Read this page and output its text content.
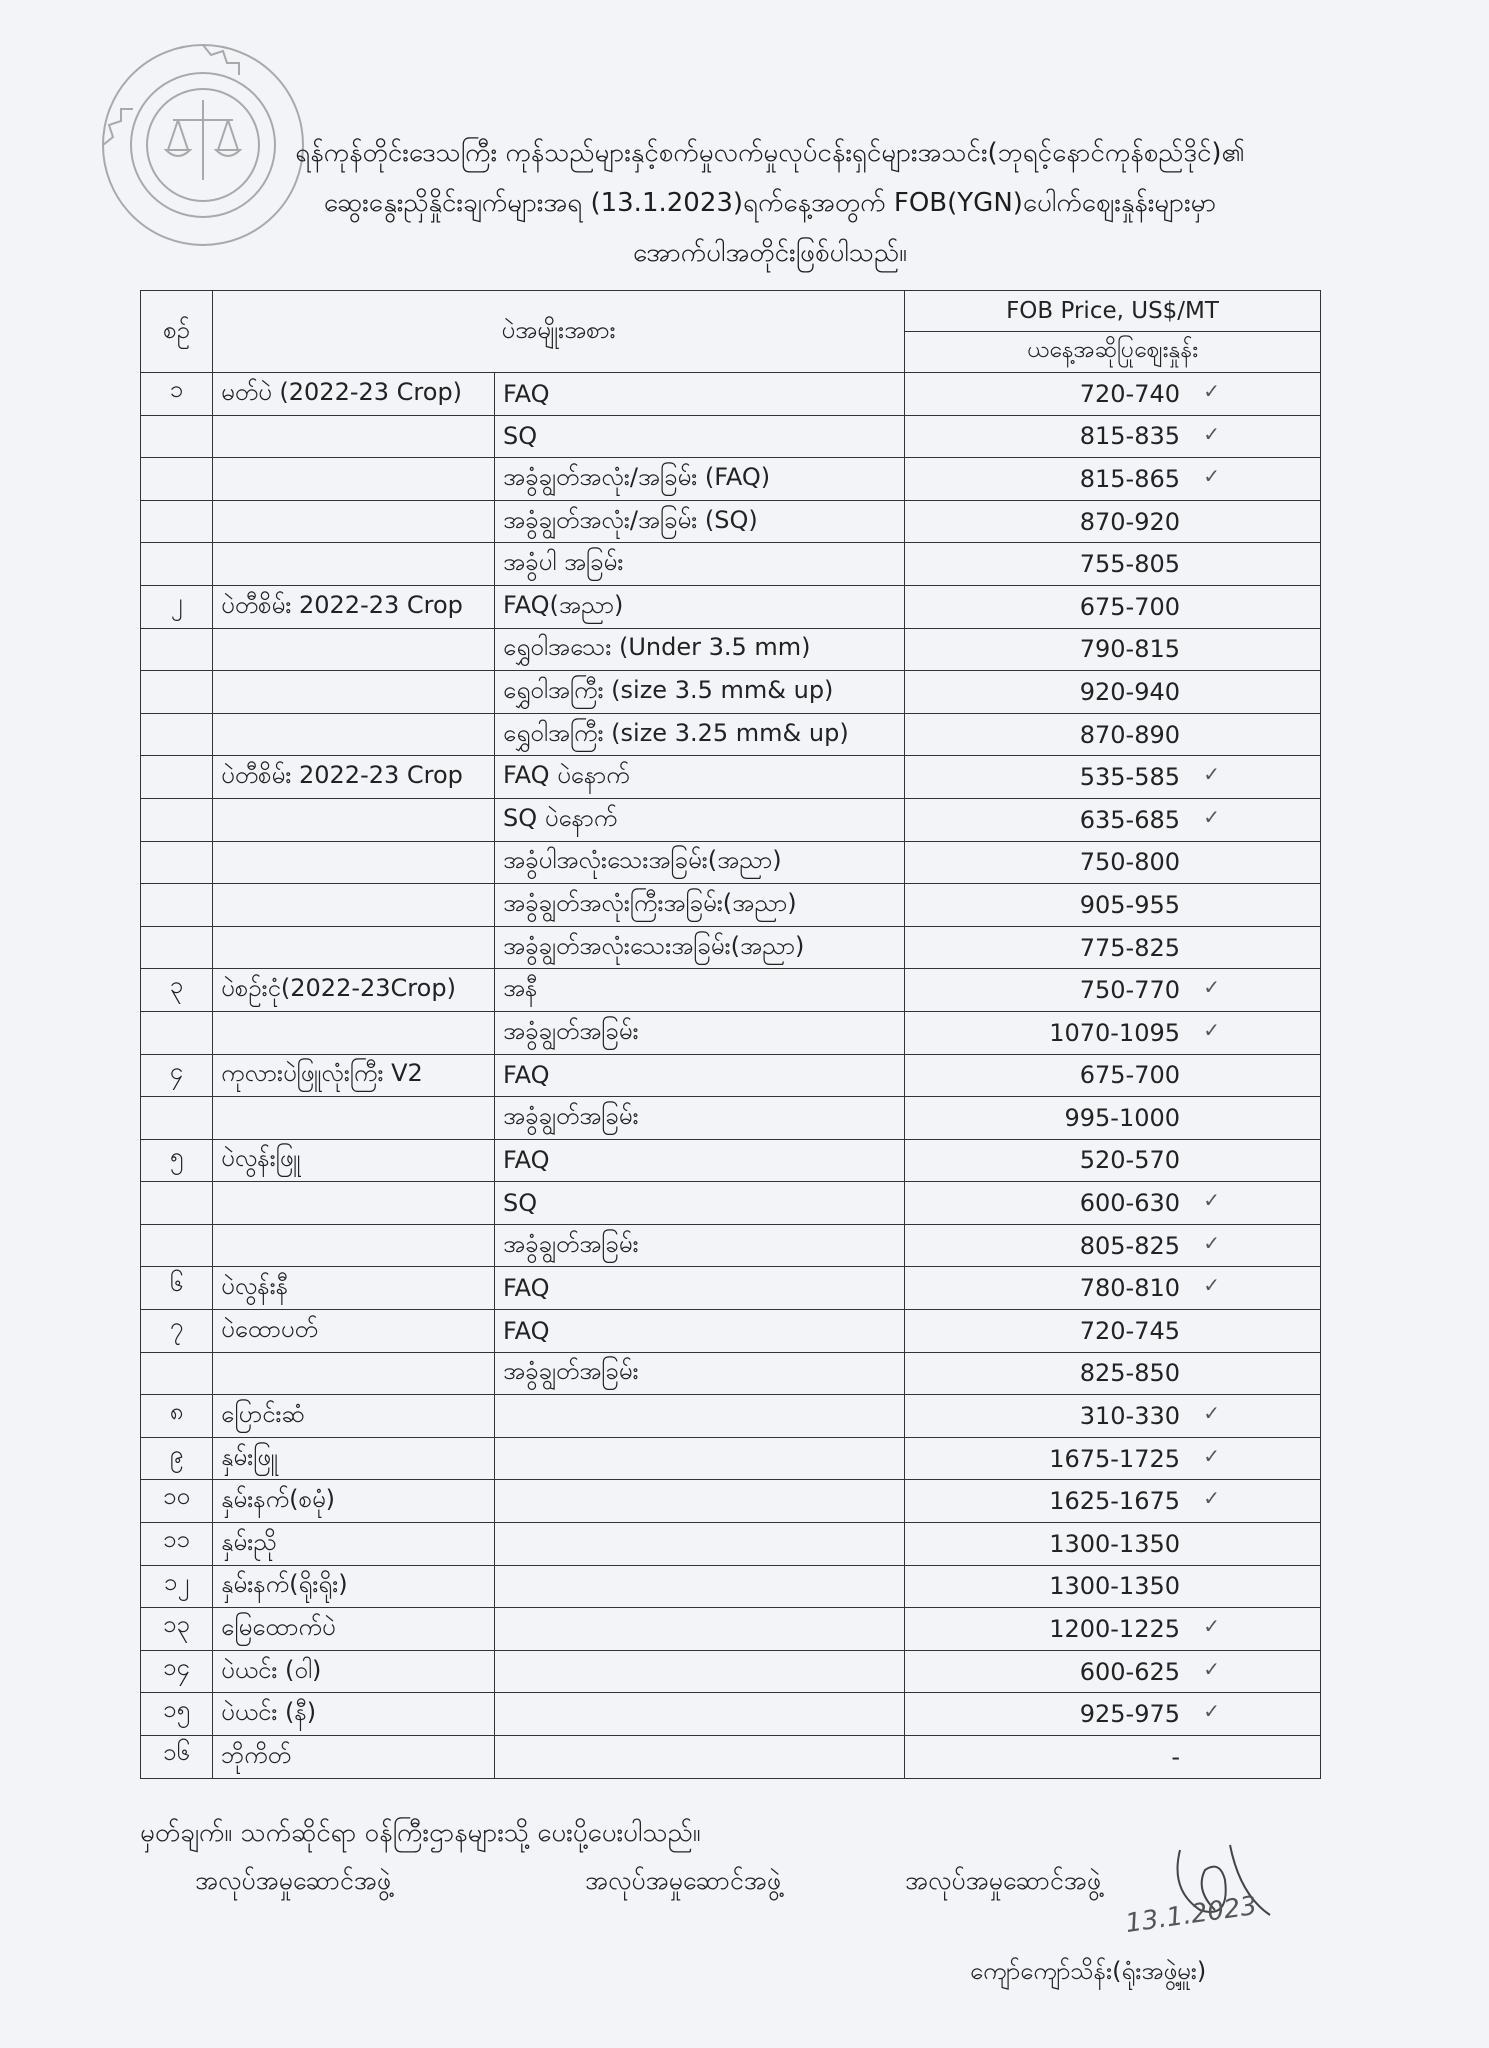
ရန်ကုန်တိုင်းဒေသကြီး ကုန်သည်များနှင့်စက်မှုလက်မှုလုပ်ငန်းရှင်များအသင်း(ဘုရင့်နောင်ကုန်စည်ဒိုင်)၏
ဆွေးနွေးညှိနှိုင်းချက်များအရ (13.1.2023)ရက်နေ့အတွက် FOB(YGN)ပေါက်ဈေးနှုန်းများမှာ
အောက်ပါအတိုင်းဖြစ်ပါသည်။
စဉ်	ပဲအမျိုးအစား		FOB Price, US$/MT
			ယနေ့အဆိုပြုဈေးနှုန်း
၁	မတ်ပဲ (2022-23 Crop)	FAQ	720-740 ✓

		SQ	815-835 ✓

		အခွံချွတ်အလုံး/အခြမ်း (FAQ)	815-865 ✓

		အခွံချွတ်အလုံး/အခြမ်း (SQ)	870-920
		အခွံပါ အခြမ်း	755-805
၂	ပဲတီစိမ်း 2022-23 Crop	FAQ(အညာ)	675-700
		ရွှေဝါအသေး (Under 3.5 mm)	790-815
		ရွှေဝါအကြီး (size 3.5 mm& up)	920-940
		ရွှေဝါအကြီး (size 3.25 mm& up)	870-890
	ပဲတီစိမ်း 2022-23 Crop	FAQ ပဲနောက်	535-585 ✓

		SQ ပဲနောက်	635-685 ✓

		အခွံပါအလုံးသေးအခြမ်း(အညာ)	750-800
		အခွံချွတ်အလုံးကြီးအခြမ်း(အညာ)	905-955
		အခွံချွတ်အလုံးသေးအခြမ်း(အညာ)	775-825
၃	ပဲစဉ်းငုံ(2022-23Crop)	အနီ	750-770 ✓

		အခွံချွတ်အခြမ်း	1070-1095 ✓

၄	ကုလားပဲဖြူလုံးကြီး V2	FAQ	675-700
		အခွံချွတ်အခြမ်း	995-1000
၅	ပဲလွန်းဖြူ	FAQ	520-570
		SQ	600-630 ✓

		အခွံချွတ်အခြမ်း	805-825 ✓

၆	ပဲလွန်းနီ	FAQ	780-810 ✓

၇	ပဲထောပတ်	FAQ	720-745
		အခွံချွတ်အခြမ်း	825-850
၈	ပြောင်းဆံ		310-330 ✓

၉	နှမ်းဖြူ		1675-1725 ✓

၁၀	နှမ်းနက်(စမုံ)		1625-1675 ✓

၁၁	နှမ်းညို		1300-1350
၁၂	နှမ်းနက်(ရိုးရိုး)		1300-1350
၁၃	မြေထောက်ပဲ		1200-1225 ✓

၁၄	ပဲယင်း (ဝါ)		600-625 ✓

၁၅	ပဲယင်း (နီ)		925-975 ✓

၁၆	ဘိုကိတ်		-
မှတ်ချက်။ သက်ဆိုင်ရာ ဝန်ကြီးဌာနများသို့ ပေးပို့ပေးပါသည်။
အလုပ်အမှုဆောင်အဖွဲ့	အလုပ်အမှုဆောင်အဖွဲ့	အလုပ်အမှုဆောင်အဖွဲ့
13.1.2023
ကျော်ကျော်သိန်း(ရုံးအဖွဲ့မှူး)
